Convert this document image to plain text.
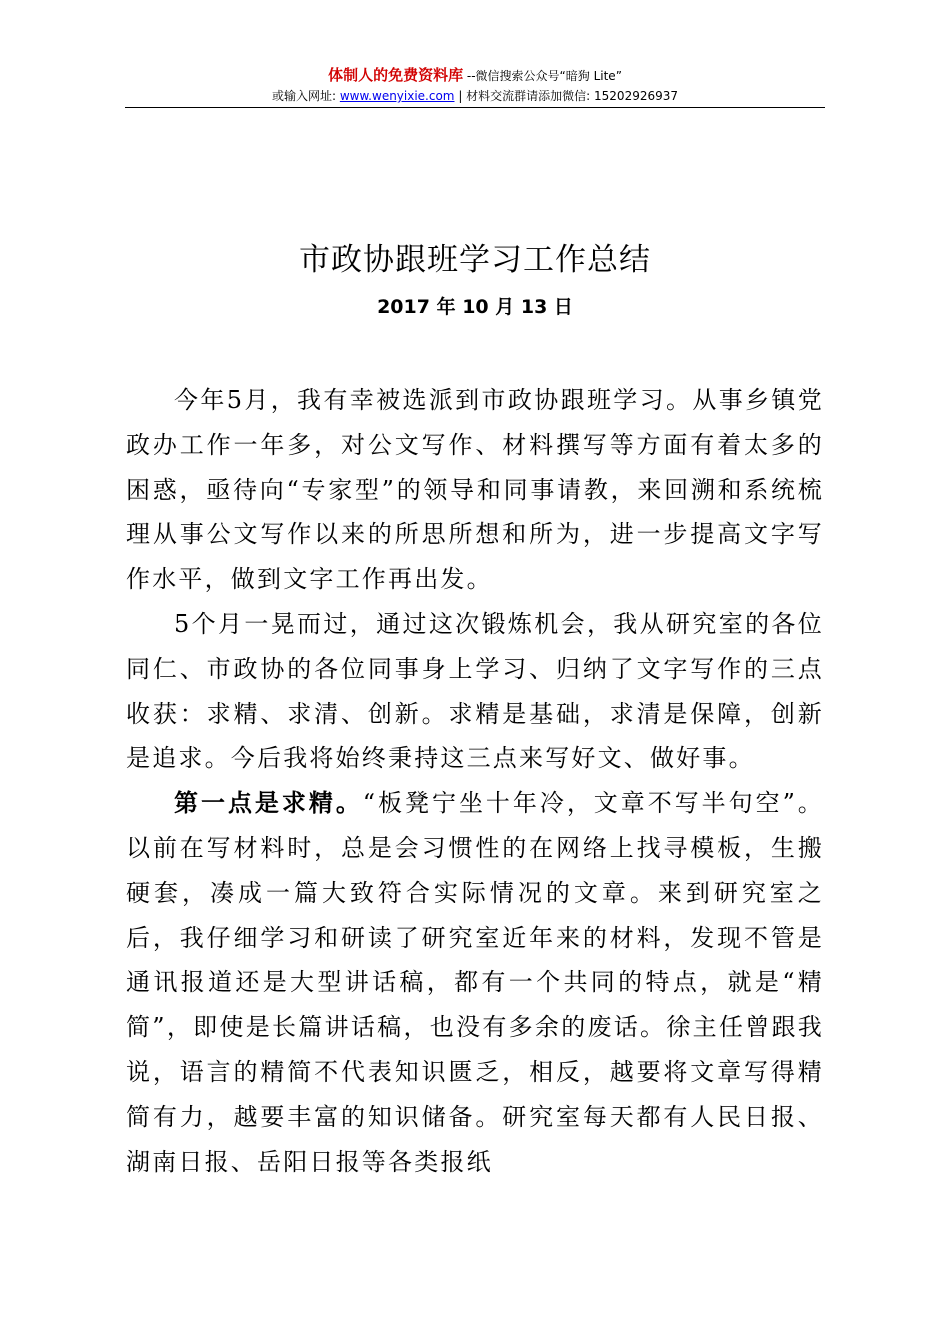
体制人的免费资料库 --微信搜索公众号“暗狗 Lite”
或输入网址: www.wenyixie.com | 材料交流群请添加微信: 15202926937
市政协跟班学习工作总结
2017 年 10 月 13 日

今年5月，我有幸被选派到市政协跟班学习。从事乡镇党政办工作一年多，对公文写作、材料撰写等方面有着太多的困惑，亟待向“专家型”的领导和同事请教，来回溯和系统梳理从事公文写作以来的所思所想和所为，进一步提高文字写作水平，做到文字工作再出发。

5个月一晃而过，通过这次锻炼机会，我从研究室的各位同仁、市政协的各位同事身上学习、归纳了文字写作的三点收获：求精、求清、创新。求精是基础，求清是保障，创新是追求。今后我将始终秉持这三点来写好文、做好事。

第一点是求精。“板凳宁坐十年冷，文章不写半句空”。以前在写材料时，总是会习惯性的在网络上找寻模板，生搬硬套，凑成一篇大致符合实际情况的文章。来到研究室之后，我仔细学习和研读了研究室近年来的材料，发现不管是通讯报道还是大型讲话稿，都有一个共同的特点，就是“精简”，即使是长篇讲话稿，也没有多余的废话。徐主任曾跟我说，语言的精简不代表知识匮乏，相反，越要将文章写得精简有力，越要丰富的知识储备。研究室每天都有人民日报、湖南日报、岳阳日报等各类报纸
